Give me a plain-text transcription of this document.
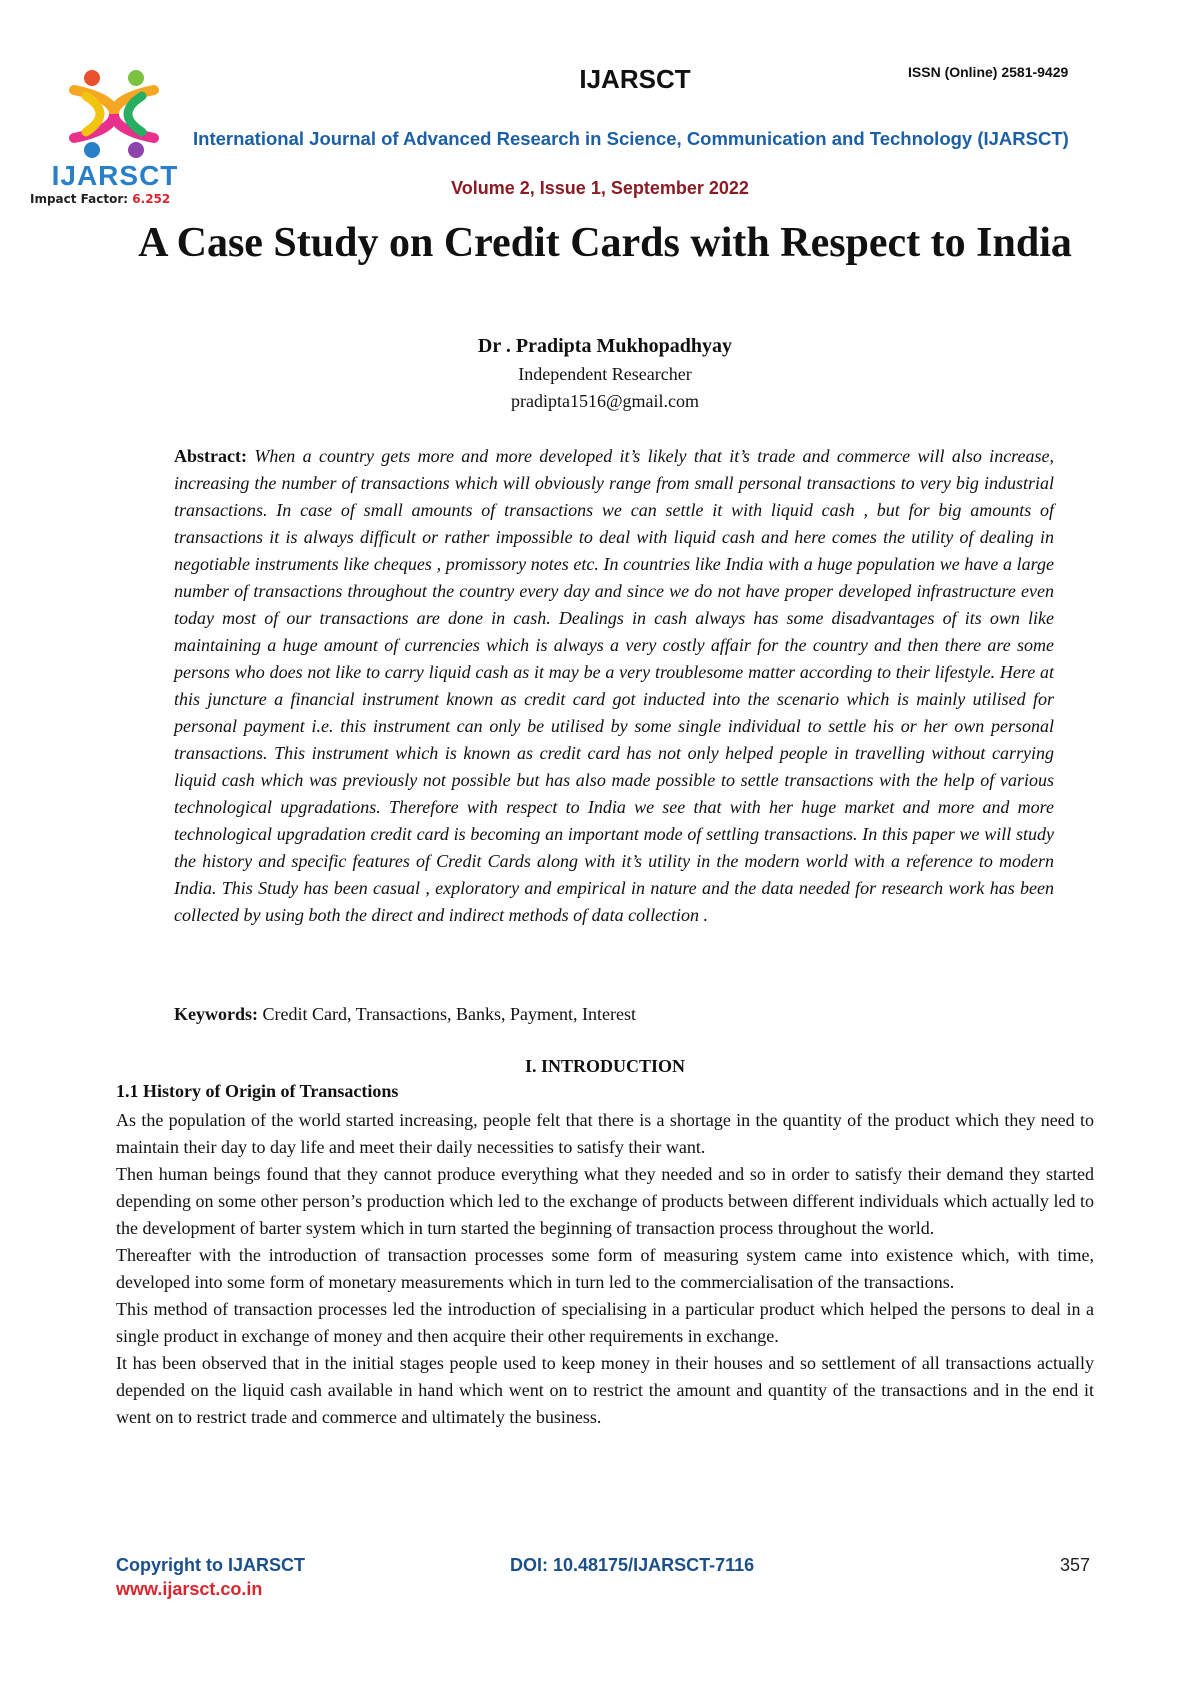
IJARSCT
Impact Factor: 6.252
IJARSCT	ISSN (Online) 2581-9429
International Journal of Advanced Research in Science, Communication and Technology (IJARSCT)
Volume 2, Issue 1, September 2022
A Case Study on Credit Cards with Respect to India
Dr . Pradipta Mukhopadhyay
Independent Researcher
pradipta1516@gmail.com

Abstract: When a country gets more and more developed it’s likely that it’s trade and commerce will also increase, increasing the number of transactions which will obviously range from small personal transactions to very big industrial transactions. In case of small amounts of transactions we can settle it with liquid cash , but for big amounts of transactions it is always difficult or rather impossible to deal with liquid cash and here comes the utility of dealing in negotiable instruments like cheques , promissory notes etc. In countries like India with a huge population we have a large number of transactions throughout the country every day and since we do not have proper developed infrastructure even today most of our transactions are done in cash. Dealings in cash always has some disadvantages of its own like maintaining a huge amount of currencies which is always a very costly affair for the country and then there are some persons who does not like to carry liquid cash as it may be a very troublesome matter according to their lifestyle. Here at this juncture a financial instrument known as credit card got inducted into the scenario which is mainly utilised for personal payment i.e. this instrument can only be utilised by some single individual to settle his or her own personal transactions. This instrument which is known as credit card has not only helped people in travelling without carrying liquid cash which was previously not possible but has also made possible to settle transactions with the help of various technological upgradations. Therefore with respect to India we see that with her huge market and more and more technological upgradation credit card is becoming an important mode of settling transactions. In this paper we will study the history and specific features of Credit Cards along with it’s utility in the modern world with a reference to modern India. This Study has been casual , exploratory and empirical in nature and the data needed for research work has been collected by using both the direct and indirect methods of data collection .

Keywords: Credit Card, Transactions, Banks, Payment, Interest
I. INTRODUCTION
1.1 History of Origin of Transactions

As the population of the world started increasing, people felt that there is a shortage in the quantity of the product which they need to maintain their day to day life and meet their daily necessities to satisfy their want.

Then human beings found that they cannot produce everything what they needed and so in order to satisfy their demand they started depending on some other person’s production which led to the exchange of products between different individuals which actually led to the development of barter system which in turn started the beginning of transaction process throughout the world.

Thereafter with the introduction of transaction processes some form of measuring system came into existence which, with time, developed into some form of monetary measurements which in turn led to the commercialisation of the transactions.

This method of transaction processes led the introduction of specialising in a particular product which helped the persons to deal in a single product in exchange of money and then acquire their other requirements in exchange.

It has been observed that in the initial stages people used to keep money in their houses and so settlement of all transactions actually depended on the liquid cash available in hand which went on to restrict the amount and quantity of the transactions and in the end it went on to restrict trade and commerce and ultimately the business.

Copyright to IJARSCT
www.ijarsct.co.in
DOI: 10.48175/IJARSCT-7116	357
